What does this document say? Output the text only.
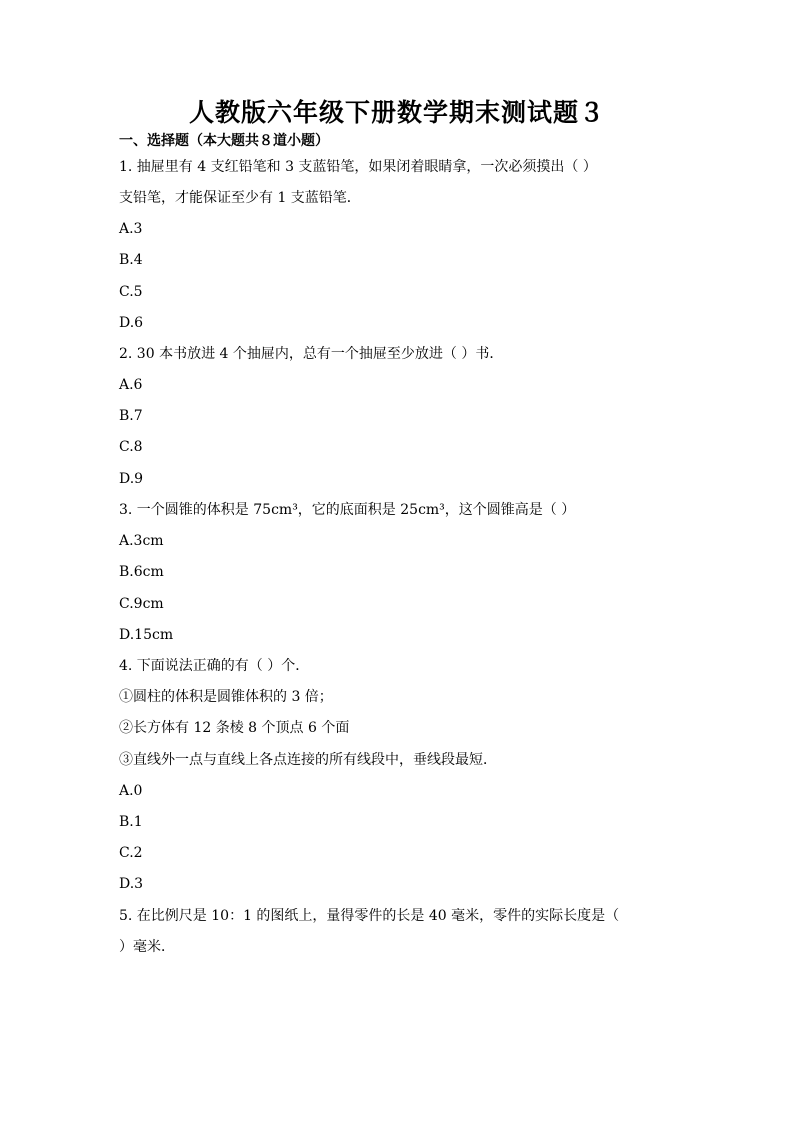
人教版六年级下册数学期末测试题３
一、选择题（本大题共８道小题）
1. 抽屉里有 4 支红铅笔和 3 支蓝铅笔，如果闭着眼睛拿，一次必须摸出（ ）
支铅笔，才能保证至少有 1 支蓝铅笔．
A.3
B.4
C.5
D.6
2. 30 本书放进 4 个抽屉内，总有一个抽屉至少放进（ ）书．
A.6
B.7
C.8
D.9
3. 一个圆锥的体积是 75cm³，它的底面积是 25cm³，这个圆锥高是（ ）
A.3cm
B.6cm
C.9cm
D.15cm
4. 下面说法正确的有（ ）个．
①圆柱的体积是圆锥体积的 3 倍；
②长方体有 12 条棱 8 个顶点 6 个面
③直线外一点与直线上各点连接的所有线段中，垂线段最短．
A.0
B.1
C.2
D.3
5. 在比例尺是 10：1 的图纸上，量得零件的长是 40 毫米，零件的实际长度是（
）毫米．
